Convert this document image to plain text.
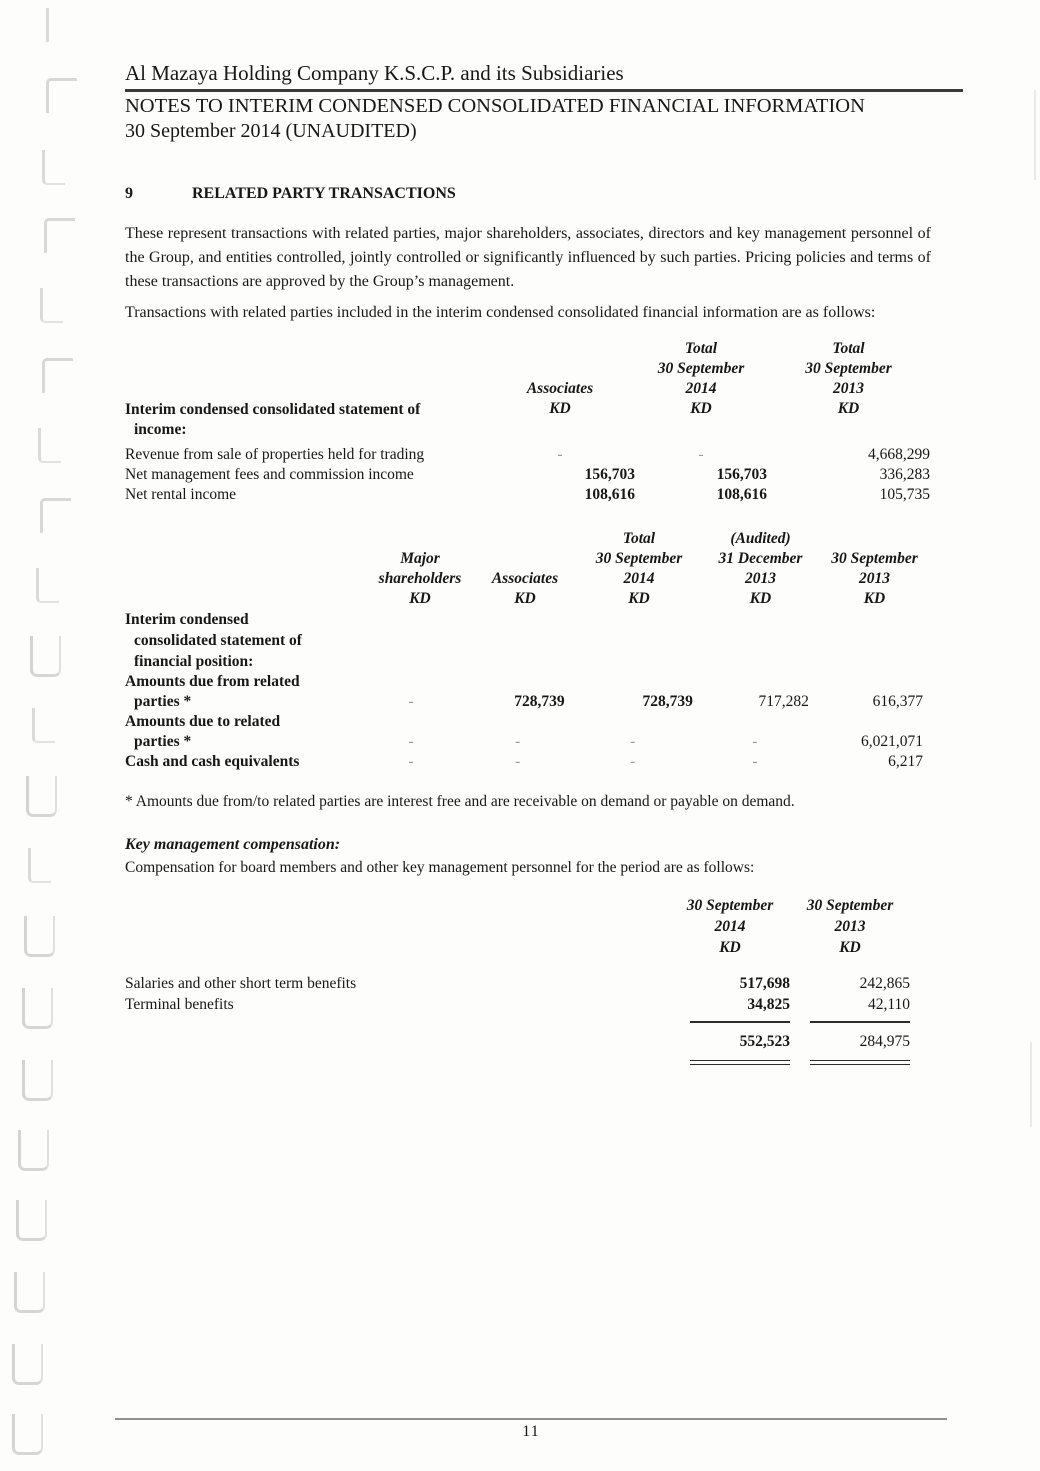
Al Mazaya Holding Company K.S.C.P. and its Subsidiaries
NOTES TO INTERIM CONDENSED CONSOLIDATED FINANCIAL INFORMATION
30 September 2014 (UNAUDITED)
9	RELATED PARTY TRANSACTIONS

These represent transactions with related parties, major shareholders, associates, directors and key management personnel of the Group, and entities controlled, jointly controlled or significantly influenced by such parties. Pricing policies and terms of these transactions are approved by the Group’s management.

Transactions with related parties included in the interim condensed consolidated financial information are as follows:

Interim condensed consolidated statement of
income:
Associates
KD
Total
30 September
2014
KD
Total
30 September
2013
KD
Revenue from sale of properties held for trading	-	-	4,668,299
Net management fees and commission income	156,703	156,703	336,283
Net rental income	108,616	108,616	105,735
Major
shareholders
KD
Associates
KD
Total
30 September
2014
KD
(Audited)
31 December
2013
KD
30 September
2013
KD
Interim condensed
consolidated statement of
financial position:
Amounts due from related
parties *	-	728,739	728,739	717,282	616,377
Amounts due to related
parties *	-	-	-	-	6,021,071
Cash and cash equivalents	-	-	-	-	6,217

* Amounts due from/to related parties are interest free and are receivable on demand or payable on demand.

Key management compensation:

Compensation for board members and other key management personnel for the period are as follows:

30 September
2014
KD
30 September
2013
KD
Salaries and other short term benefits	517,698	242,865
Terminal benefits	34,825	42,110
552,523	284,975
11
